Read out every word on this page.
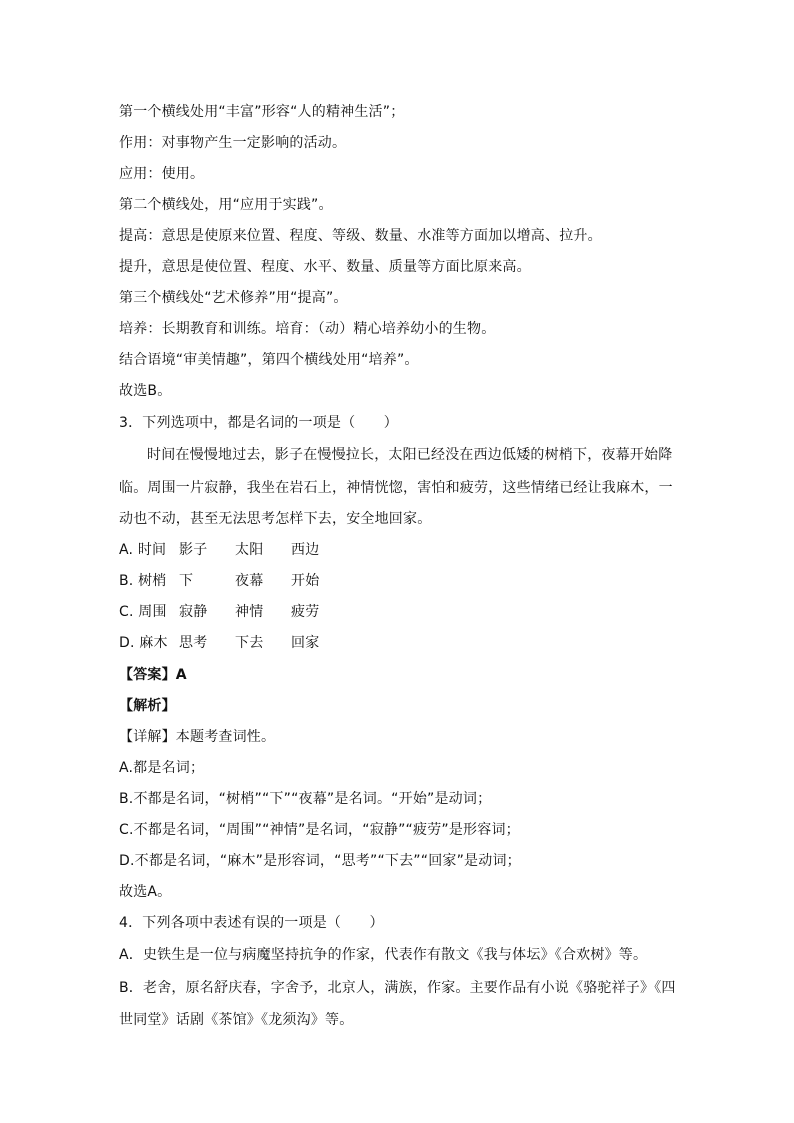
第一个横线处用“丰富”形容“人的精神生活”；
作用：对事物产生一定影响的活动。
应用：使用。
第二个横线处，用“应用于实践”。
提高：意思是使原来位置、程度、等级、数量、水准等方面加以增高、拉升。
提升，意思是使位置、程度、水平、数量、质量等方面比原来高。
第三个横线处“艺术修养”用“提高”。
培养：长期教育和训练。培育：（动）精心培养幼小的生物。
结合语境“审美情趣”，第四个横线处用“培养”。
故选B。
3．下列选项中，都是名词的一项是（　　）
时间在慢慢地过去，影子在慢慢拉长，太阳已经没在西边低矮的树梢下，夜幕开始降
临。周围一片寂静，我坐在岩石上，神情恍惚，害怕和疲劳，这些情绪已经让我麻木，一
动也不动，甚至无法思考怎样下去，安全地回家。
A. 时间 影子 太阳 西边
B. 树梢 下	夜幕 开始
C. 周围 寂静 神情 疲劳
D. 麻木 思考 下去 回家
【答案】A
【解析】
【详解】本题考查词性。
A.都是名词；
B.不都是名词，“树梢”“下”“夜幕”是名词。“开始”是动词；
C.不都是名词，“周围”“神情”是名词，“寂静”“疲劳”是形容词；
D.不都是名词，“麻木”是形容词，“思考”“下去”“回家”是动词；
故选A。
4．下列各项中表述有误的一项是（　　）
A．史铁生是一位与病魔坚持抗争的作家，代表作有散文《我与体坛》《合欢树》等。
B．老舍，原名舒庆春，字舍予，北京人，满族，作家。主要作品有小说《骆驼祥子》《四
世同堂》话剧《茶馆》《龙须沟》等。
